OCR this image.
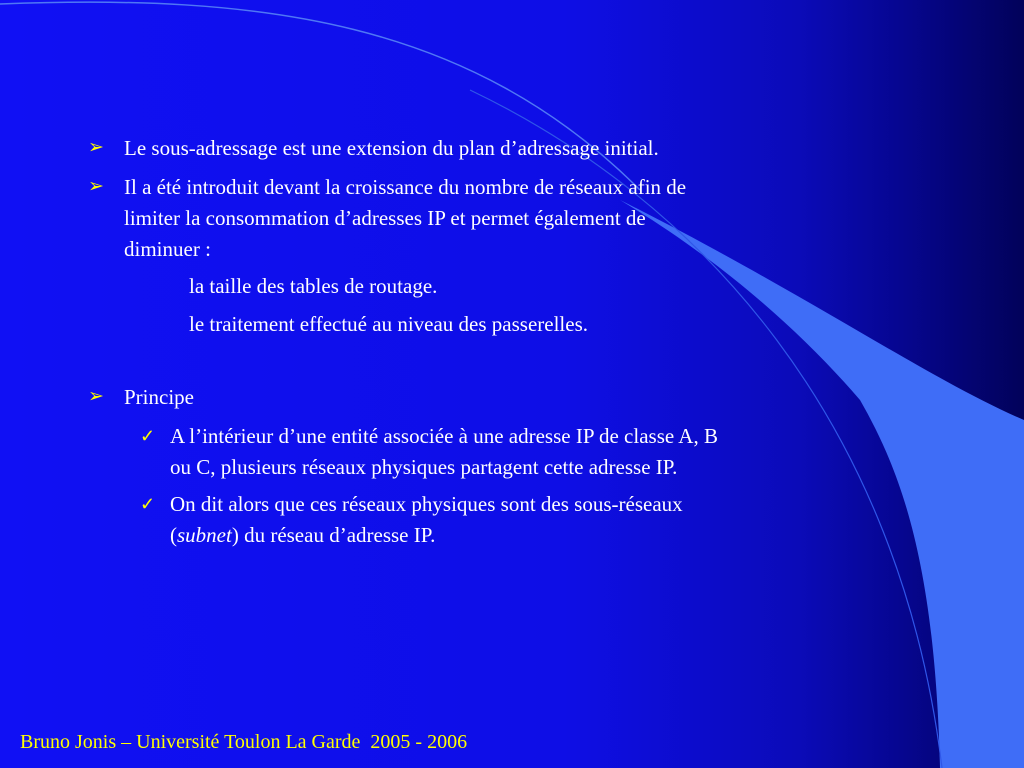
➢ Le sous-adressage est une extension du plan d’adressage initial.
➢ Il a été introduit devant la croissance du nombre de réseaux afin de
limiter la consommation d’adresses IP et permet également de
diminuer :
la taille des tables de routage.
le traitement effectué au niveau des passerelles.
➢ Principe
✓ A l’intérieur d’une entité associée à une adresse IP de classe A, B
ou C, plusieurs réseaux physiques partagent cette adresse IP.
✓ On dit alors que ces réseaux physiques sont des sous-réseaux
(subnet) du réseau d’adresse IP.
Bruno Jonis – Université Toulon La Garde 2005 - 2006
